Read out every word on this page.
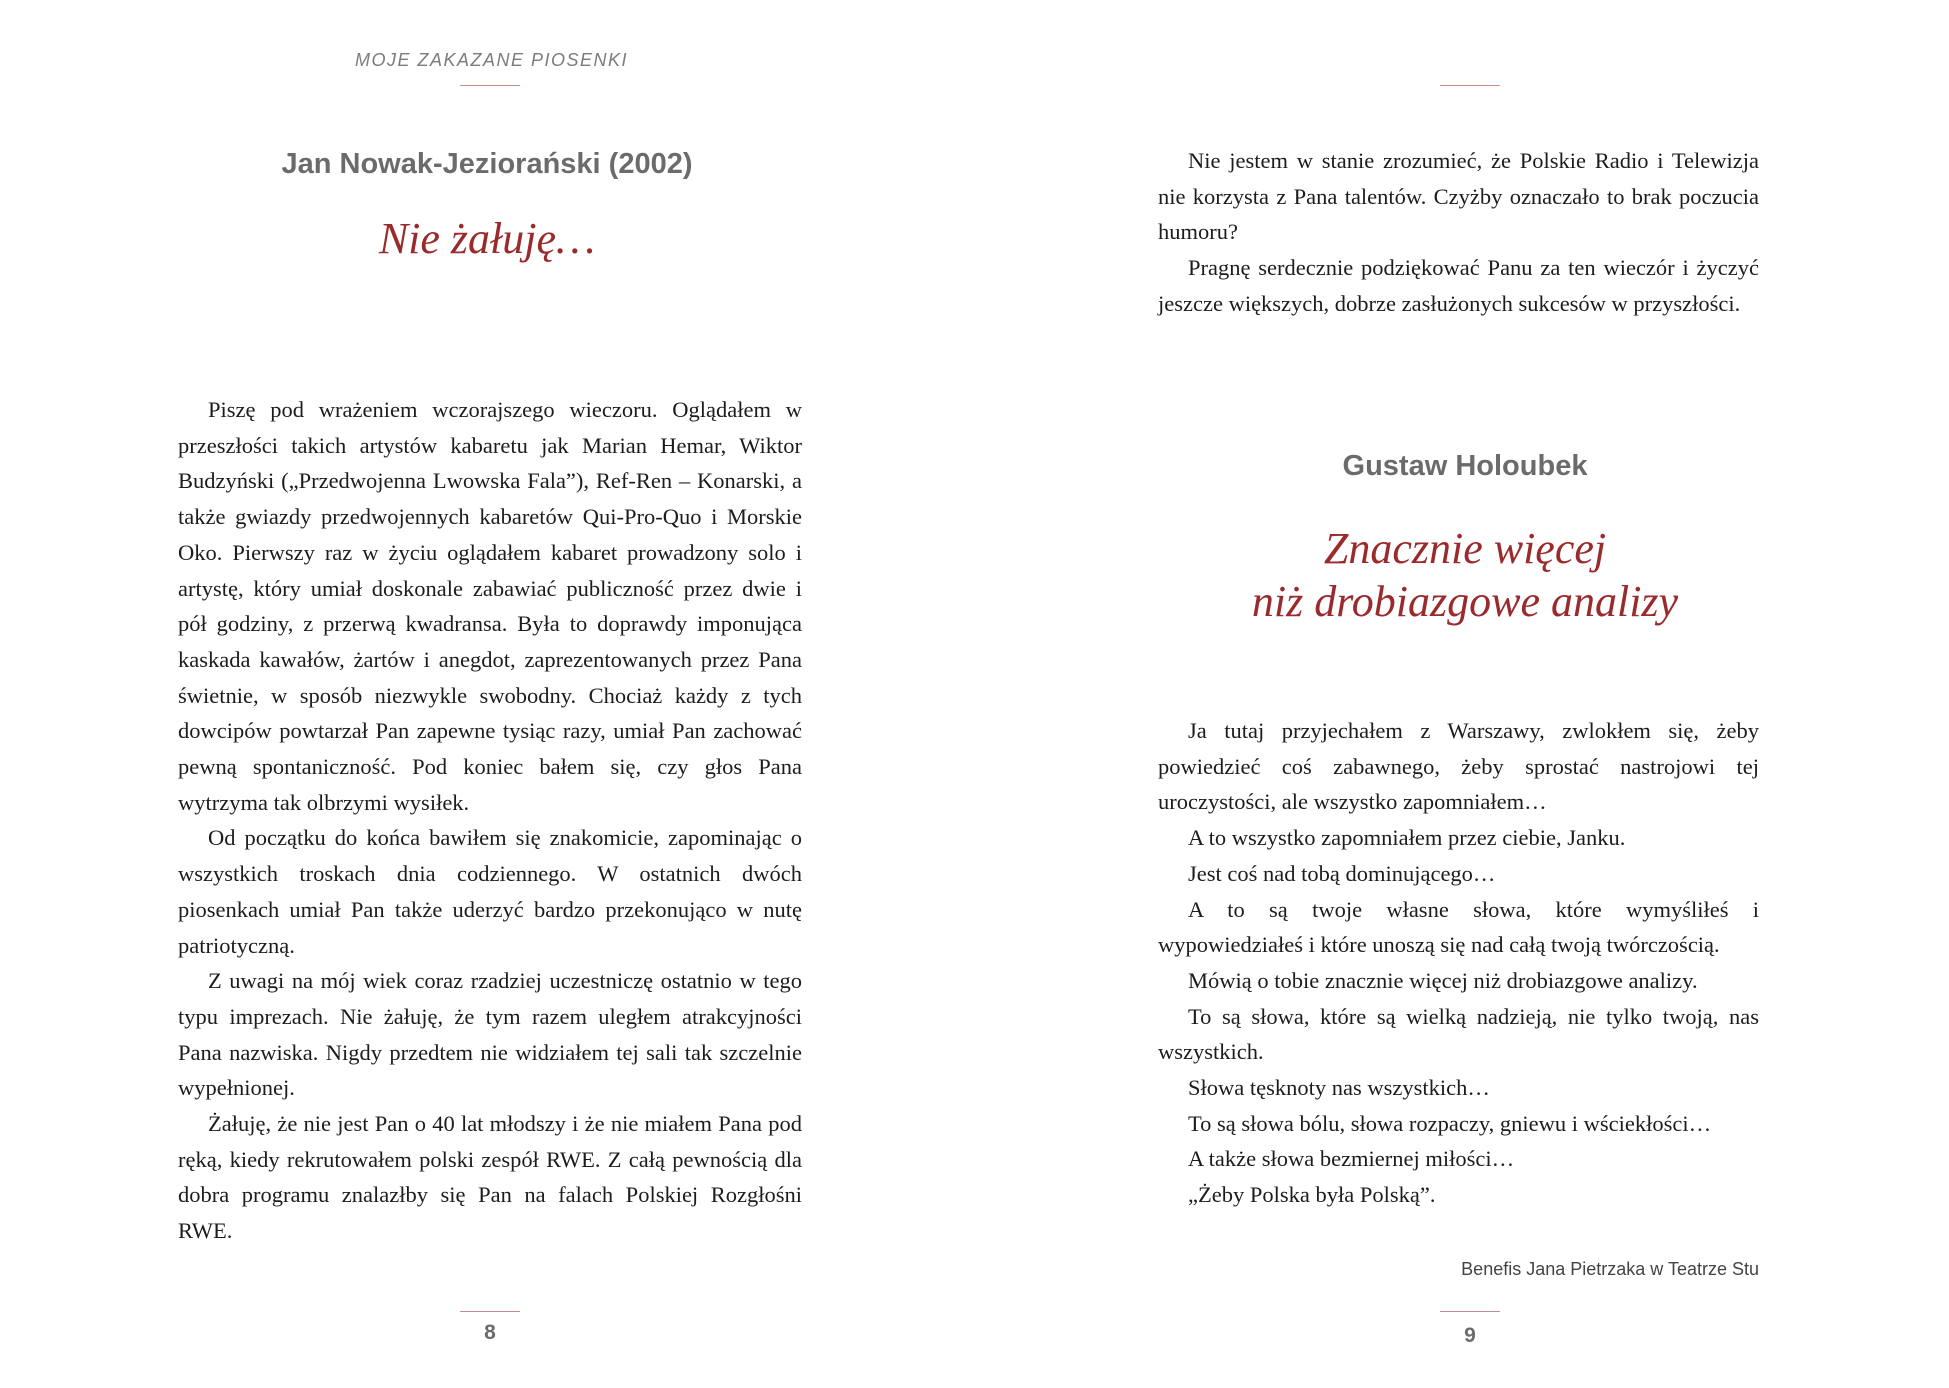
MOJE ZAKAZANE PIOSENKI
Jan Nowak-Jeziorański (2002)
Nie żałuję…

Piszę pod wrażeniem wczorajszego wieczoru. Oglądałem w przeszłości takich artystów kabaretu jak Marian Hemar, Wiktor Budzyński („Przedwojenna Lwowska Fala”), Ref-Ren – Konarski, a także gwiazdy przedwojennych kabaretów Qui-Pro-Quo i Morskie Oko. Pierwszy raz w życiu oglądałem kabaret prowadzony solo i artystę, który umiał doskonale zabawiać publiczność przez dwie i pół godziny, z przerwą kwadransa. Była to doprawdy imponująca kaskada kawałów, żartów i anegdot, zaprezentowanych przez Pana świetnie, w sposób niezwykle swobodny. Chociaż każdy z tych dowcipów powtarzał Pan zapewne tysiąc razy, umiał Pan zachować pewną spontaniczność. Pod koniec bałem się, czy głos Pana wytrzyma tak olbrzymi wysiłek.

Od początku do końca bawiłem się znakomicie, zapominając o wszystkich troskach dnia codziennego. W ostatnich dwóch piosenkach umiał Pan także uderzyć bardzo przekonująco w nutę patriotyczną.

Z uwagi na mój wiek coraz rzadziej uczestniczę ostatnio w tego typu imprezach. Nie żałuję, że tym razem uległem atrakcyjności Pana nazwiska. Nigdy przedtem nie widziałem tej sali tak szczelnie wypełnionej.

Żałuję, że nie jest Pan o 40 lat młodszy i że nie miałem Pana pod ręką, kiedy rekrutowałem polski zespół RWE. Z całą pewnością dla dobra programu znalazłby się Pan na falach Polskiej Rozgłośni RWE.

8

Nie jestem w stanie zrozumieć, że Polskie Radio i Telewizja nie korzysta z Pana talentów. Czyżby oznaczało to brak poczucia humoru?

Pragnę serdecznie podziękować Panu za ten wieczór i życzyć jeszcze większych, dobrze zasłużonych sukcesów w przyszłości.

Gustaw Holoubek
Znacznie więcej
niż drobiazgowe analizy

Ja tutaj przyjechałem z Warszawy, zwlokłem się, żeby powiedzieć coś zabawnego, żeby sprostać nastrojowi tej uroczystości, ale wszystko zapomniałem…

A to wszystko zapomniałem przez ciebie, Janku.

Jest coś nad tobą dominującego…

A to są twoje własne słowa, które wymyśliłeś i wypowiedziałeś i które unoszą się nad całą twoją twórczością.

Mówią o tobie znacznie więcej niż drobiazgowe analizy.

To są słowa, które są wielką nadzieją, nie tylko twoją, nas wszystkich.

Słowa tęsknoty nas wszystkich…

To są słowa bólu, słowa rozpaczy, gniewu i wściekłości…

A także słowa bezmiernej miłości…

„Żeby Polska była Polską”.

Benefis Jana Pietrzaka w Teatrze Stu
9
